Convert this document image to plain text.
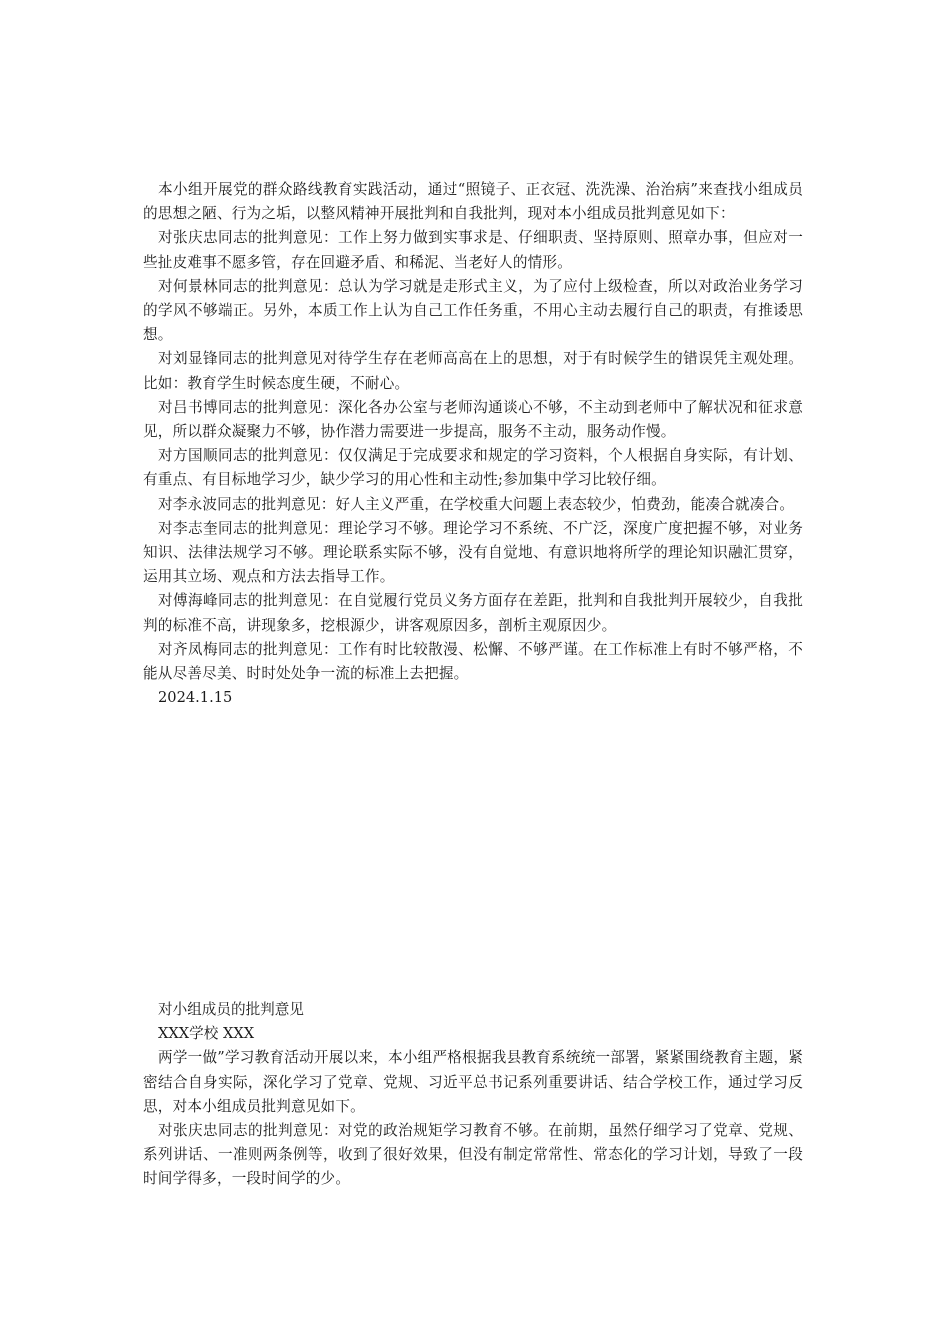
本小组开展党的群众路线教育实践活动，通过“照镜子、正衣冠、洗洗澡、治治病”来查找小组成员的思想之陋、行为之垢，以整风精神开展批判和自我批判，现对本小组成员批判意见如下：

对张庆忠同志的批判意见：工作上努力做到实事求是、仔细职责、坚持原则、照章办事，但应对一些扯皮难事不愿多管，存在回避矛盾、和稀泥、当老好人的情形。

对何景林同志的批判意见：总认为学习就是走形式主义，为了应付上级检查，所以对政治业务学习的学风不够端正。另外，本质工作上认为自己工作任务重，不用心主动去履行自己的职责，有推诿思想。

对刘显锋同志的批判意见对待学生存在老师高高在上的思想，对于有时候学生的错误凭主观处理。比如：教育学生时候态度生硬，不耐心。

对吕书博同志的批判意见：深化各办公室与老师沟通谈心不够，不主动到老师中了解状况和征求意见，所以群众凝聚力不够，协作潜力需要进一步提高，服务不主动，服务动作慢。

对方国顺同志的批判意见：仅仅满足于完成要求和规定的学习资料，个人根据自身实际，有计划、有重点、有目标地学习少，缺少学习的用心性和主动性;参加集中学习比较仔细。

对李永波同志的批判意见：好人主义严重，在学校重大问题上表态较少，怕费劲，能凑合就凑合。

对李志奎同志的批判意见：理论学习不够。理论学习不系统、不广泛，深度广度把握不够，对业务知识、法律法规学习不够。理论联系实际不够，没有自觉地、有意识地将所学的理论知识融汇贯穿，运用其立场、观点和方法去指导工作。

对傅海峰同志的批判意见：在自觉履行党员义务方面存在差距，批判和自我批判开展较少，自我批判的标准不高，讲现象多，挖根源少，讲客观原因多，剖析主观原因少。

对齐凤梅同志的批判意见：工作有时比较散漫、松懈、不够严谨。在工作标准上有时不够严格，不能从尽善尽美、时时处处争一流的标准上去把握。

2024.1.15

对小组成员的批判意见

XXX学校 XXX

两学一做”学习教育活动开展以来，本小组严格根据我县教育系统统一部署，紧紧围绕教育主题，紧密结合自身实际，深化学习了党章、党规、习近平总书记系列重要讲话、结合学校工作，通过学习反思，对本小组成员批判意见如下。

对张庆忠同志的批判意见：对党的政治规矩学习教育不够。在前期，虽然仔细学习了党章、党规、系列讲话、一准则两条例等，收到了很好效果，但没有制定常常性、常态化的学习计划，导致了一段时间学得多，一段时间学的少。
